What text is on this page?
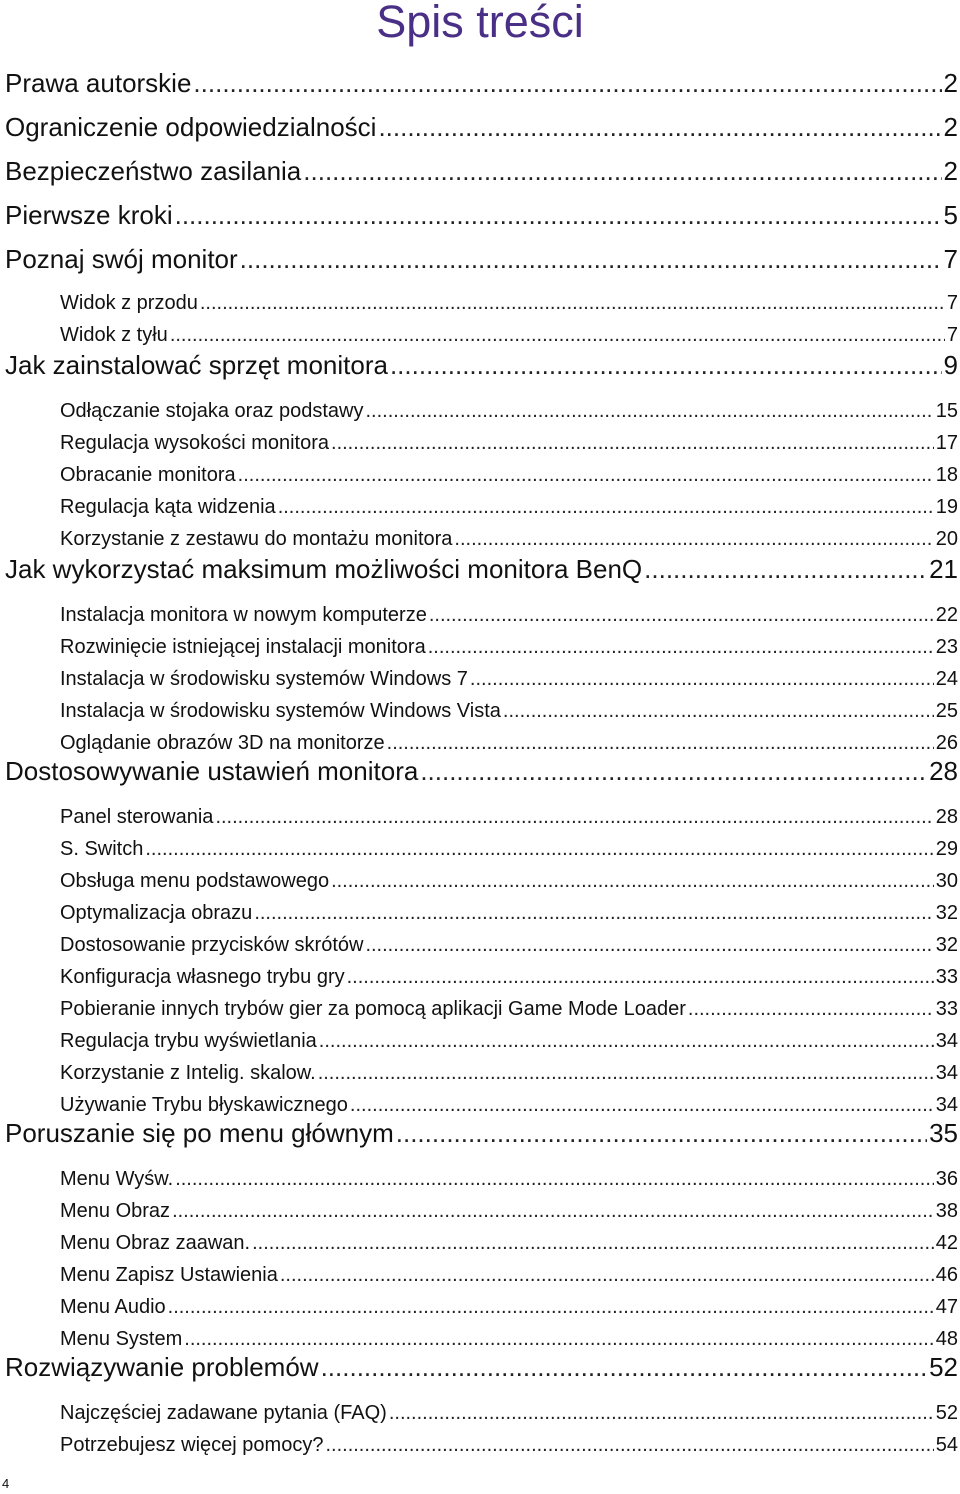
Spis treści
Prawa autorskie .....	2
Ograniczenie odpowiedzialności .....	2
Bezpieczeństwo zasilania .....	2
Pierwsze kroki .....	5
Poznaj swój monitor .....	7
Widok z przodu .....	7
Widok z tyłu .....	7
Jak zainstalować sprzęt monitora .....	9
Odłączanie stojaka oraz podstawy .....	15
Regulacja wysokości monitora .....	17
Obracanie monitora .....	18
Regulacja kąta widzenia .....	19
Korzystanie z zestawu do montażu monitora .....	20
Jak wykorzystać maksimum możliwości monitora BenQ .....	21
Instalacja monitora w nowym komputerze .....	22
Rozwinięcie istniejącej instalacji monitora .....	23
Instalacja w środowisku systemów Windows 7 .....	24
Instalacja w środowisku systemów Windows Vista .....	25
Oglądanie obrazów 3D na monitorze .....	26
Dostosowywanie ustawień monitora .....	28
Panel sterowania .....	28
S. Switch .....	29
Obsługa menu podstawowego .....	30
Optymalizacja obrazu .....	32
Dostosowanie przycisków skrótów .....	32
Konfiguracja własnego trybu gry .....	33
Pobieranie innych trybów gier za pomocą aplikacji Game Mode Loader .....	33
Regulacja trybu wyświetlania .....	34
Korzystanie z Intelig. skalow. .....	34
Używanie Trybu błyskawicznego .....	34
Poruszanie się po menu głównym .....	35
Menu Wyśw. .....	36
Menu Obraz .....	38
Menu Obraz zaawan. .....	42
Menu Zapisz Ustawienia .....	46
Menu Audio .....	47
Menu System .....	48
Rozwiązywanie problemów .....	52
Najczęściej zadawane pytania (FAQ) .....	52
Potrzebujesz więcej pomocy? .....	54
4
